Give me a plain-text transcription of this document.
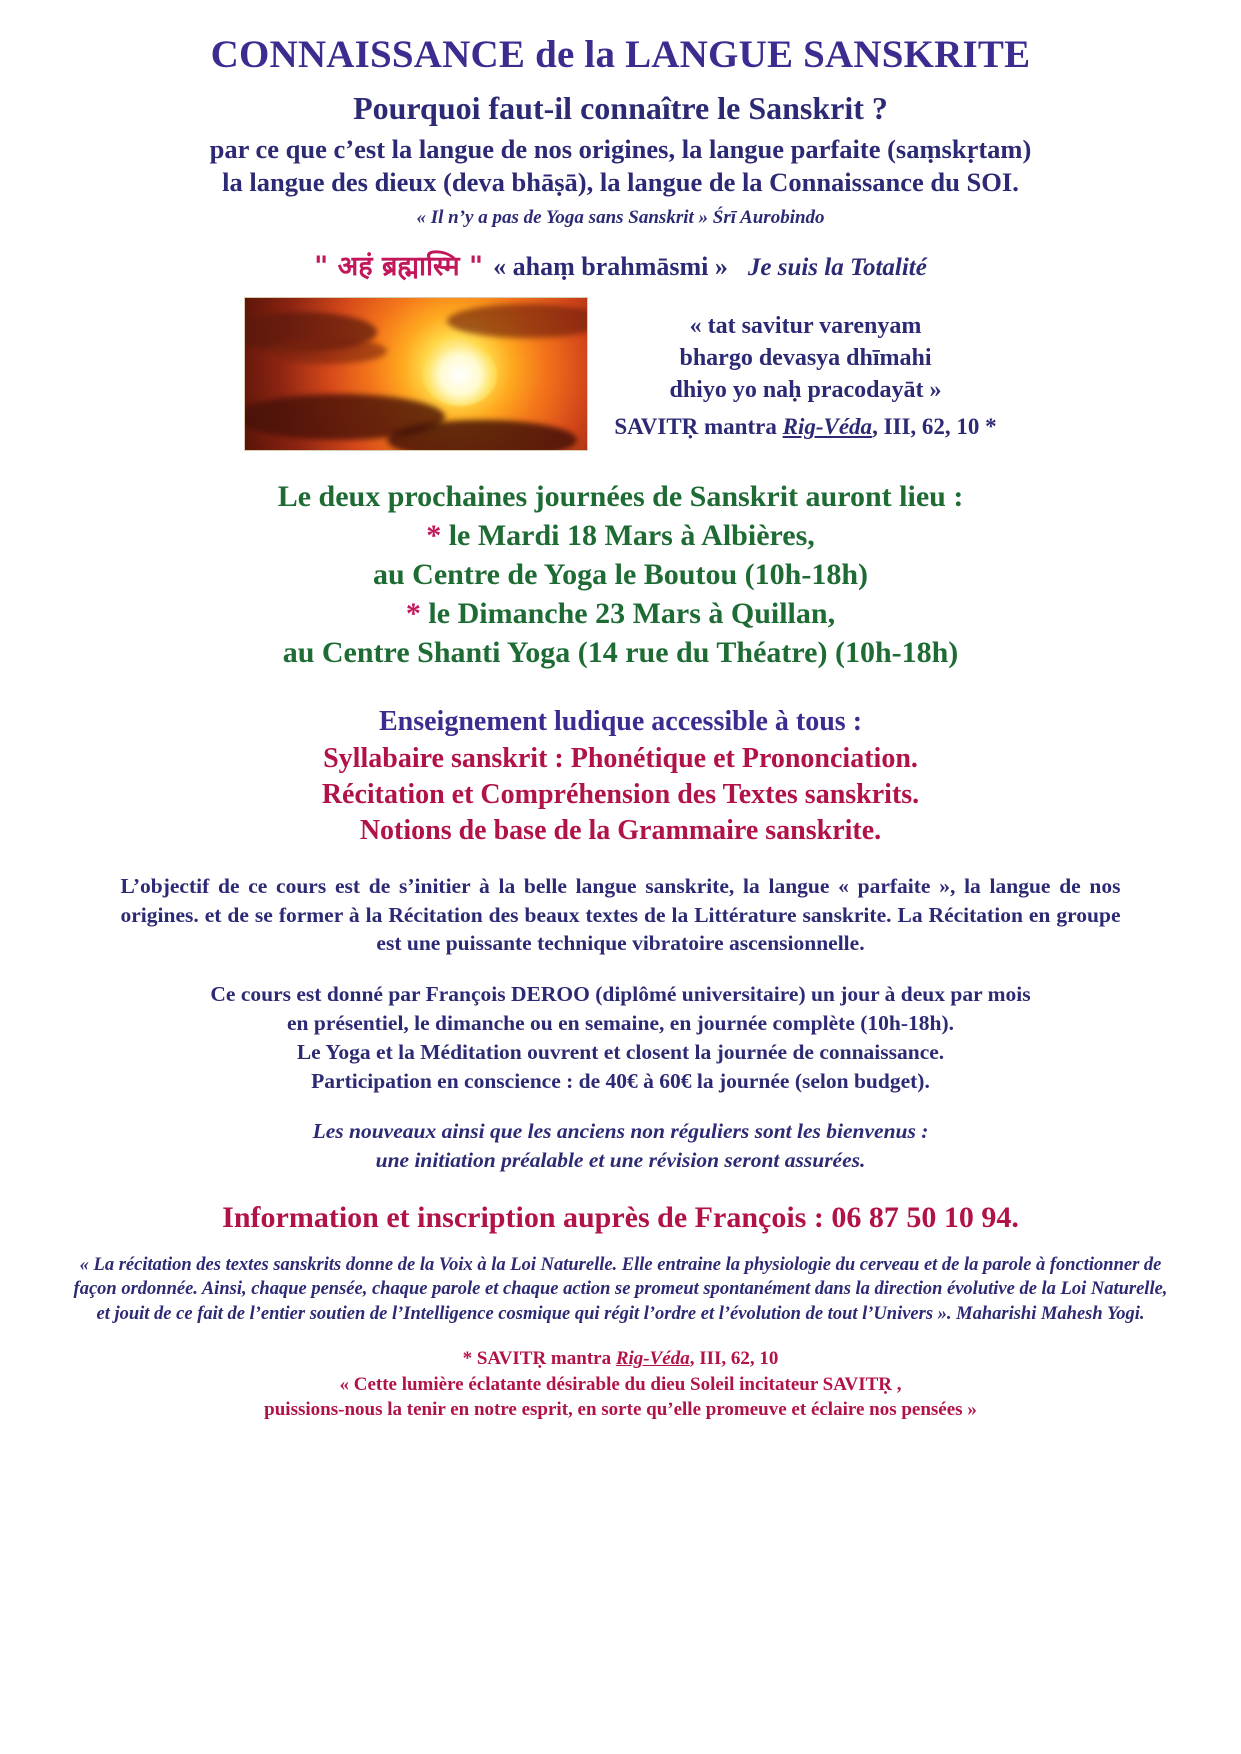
CONNAISSANCE de la LANGUE SANSKRITE
Pourquoi faut-il connaître le Sanskrit ?
par ce que c’est la langue de nos origines, la langue parfaite (saṃskṛtam)
la langue des dieux (deva bhāṣā), la langue de la Connaissance du SOI.
« Il n’y a pas de Yoga sans Sanskrit » Śrī Aurobindo
" अहं ब्रह्मास्मि " « ahaṃ brahmāsmi » Je suis la Totalité
« tat savitur varenyam
bhargo devasya dhīmahi
dhiyo yo naḥ pracodayāt »
SAVITṚ mantra Rig-Véda, III, 62, 10 *
Le deux prochaines journées de Sanskrit auront lieu :
* le Mardi 18 Mars à Albières,
au Centre de Yoga le Boutou (10h-18h)
* le Dimanche 23 Mars à Quillan,
au Centre Shanti Yoga (14 rue du Théatre) (10h-18h)
Enseignement ludique accessible à tous :
Syllabaire sanskrit : Phonétique et Prononciation.
Récitation et Compréhension des Textes sanskrits.
Notions de base de la Grammaire sanskrite.
L’objectif de ce cours est de s’initier à la belle langue sanskrite, la langue « parfaite », la langue de nos origines. et de se former à la Récitation des beaux textes de la Littérature sanskrite. La Récitation en groupe est une puissante technique vibratoire ascensionnelle.
Ce cours est donné par François DEROO (diplômé universitaire) un jour à deux par mois
en présentiel, le dimanche ou en semaine, en journée complète (10h-18h).
Le Yoga et la Méditation ouvrent et closent la journée de connaissance.
Participation en conscience : de 40€ à 60€ la journée (selon budget).
Les nouveaux ainsi que les anciens non réguliers sont les bienvenus :
une initiation préalable et une révision seront assurées.
Information et inscription auprès de François : 06 87 50 10 94.
« La récitation des textes sanskrits donne de la Voix à la Loi Naturelle. Elle entraine la physiologie du cerveau et de la parole à fonctionner de façon ordonnée. Ainsi, chaque pensée, chaque parole et chaque action se promeut spontanément dans la direction évolutive de la Loi Naturelle, et jouit de ce fait de l’entier soutien de l’Intelligence cosmique qui régit l’ordre et l’évolution de tout l’Univers ». Maharishi Mahesh Yogi.
* SAVITṚ mantra Rig-Véda, III, 62, 10
« Cette lumière éclatante désirable du dieu Soleil incitateur SAVITṚ ,
puissions-nous la tenir en notre esprit, en sorte qu’elle promeuve et éclaire nos pensées »
